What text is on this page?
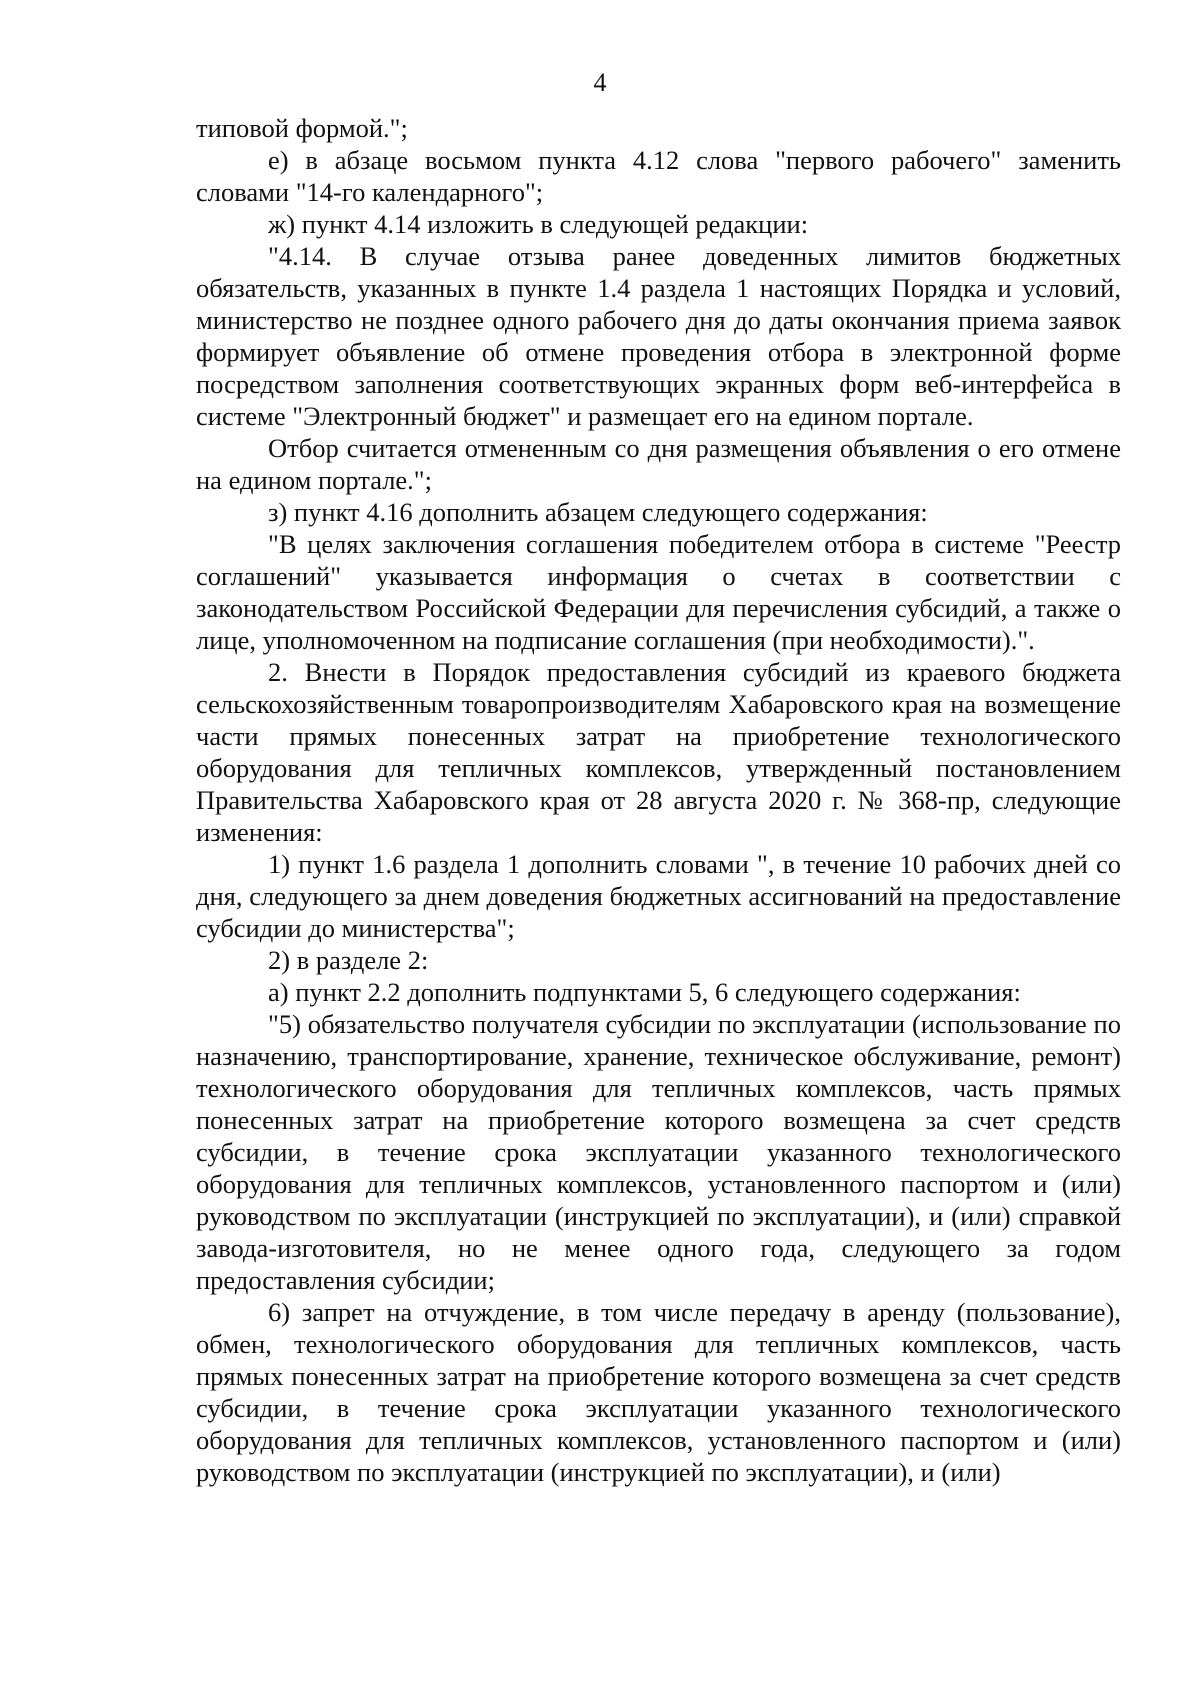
4

типовой формой.";

е) в абзаце восьмом пункта 4.12 слова "первого рабочего" заменить словами "14-го календарного";

ж) пункт 4.14 изложить в следующей редакции:

"4.14. В случае отзыва ранее доведенных лимитов бюджетных обязательств, указанных в пункте 1.4 раздела 1 настоящих Порядка и условий, министерство не позднее одного рабочего дня до даты окончания приема заявок формирует объявление об отмене проведения отбора в электронной форме посредством заполнения соответствующих экранных форм веб-интерфейса в системе "Электронный бюджет" и размещает его на едином портале.

Отбор считается отмененным со дня размещения объявления о его отмене на едином портале.";

з) пункт 4.16 дополнить абзацем следующего содержания:

"В целях заключения соглашения победителем отбора в системе "Реестр соглашений" указывается информация о счетах в соответствии с законодательством Российской Федерации для перечисления субсидий, а также о лице, уполномоченном на подписание соглашения (при необходимости).".

2. Внести в Порядок предоставления субсидий из краевого бюджета сельскохозяйственным товаропроизводителям Хабаровского края на возмещение части прямых понесенных затрат на приобретение технологического оборудования для тепличных комплексов, утвержденный постановлением Правительства Хабаровского края от 28 августа 2020 г. № 368-пр, следующие изменения:

1) пункт 1.6 раздела 1 дополнить словами ", в течение 10 рабочих дней со дня, следующего за днем доведения бюджетных ассигнований на предоставление субсидии до министерства";

2) в разделе 2:

а) пункт 2.2 дополнить подпунктами 5, 6 следующего содержания:

"5) обязательство получателя субсидии по эксплуатации (использование по назначению, транспортирование, хранение, техническое обслуживание, ремонт) технологического оборудования для тепличных комплексов, часть прямых понесенных затрат на приобретение которого возмещена за счет средств субсидии, в течение срока эксплуатации указанного технологического оборудования для тепличных комплексов, установленного паспортом и (или) руководством по эксплуатации (инструкцией по эксплуатации), и (или) справкой завода-изготовителя, но не менее одного года, следующего за годом предоставления субсидии;

6) запрет на отчуждение, в том числе передачу в аренду (пользование), обмен, технологического оборудования для тепличных комплексов, часть прямых понесенных затрат на приобретение которого возмещена за счет средств субсидии, в течение срока эксплуатации указанного технологического оборудования для тепличных комплексов, установленного паспортом и (или) руководством по эксплуатации (инструкцией по эксплуатации), и (или)
